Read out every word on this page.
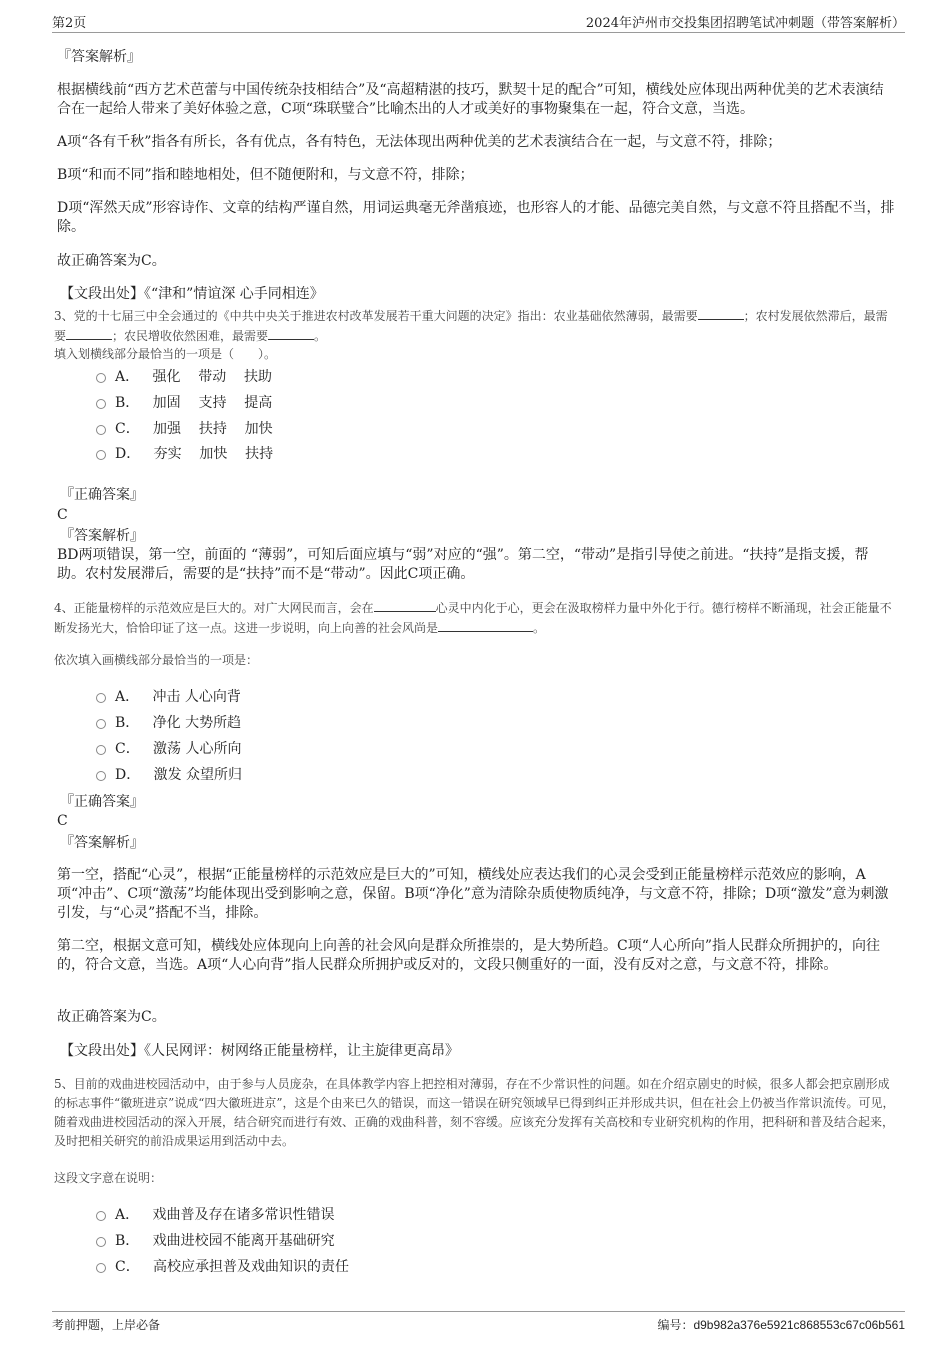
第2页	2024年泸州市交投集团招聘笔试冲刺题（带答案解析）
『答案解析』
根据横线前“西方艺术芭蕾与中国传统杂技相结合”及“高超精湛的技巧，默契十足的配合”可知，横线处应体现出两种优美的艺术表演结合在一起给人带来了美好体验之意，C项“珠联璧合”比喻杰出的人才或美好的事物聚集在一起，符合文意，当选。
A项“各有千秋”指各有所长，各有优点，各有特色，无法体现出两种优美的艺术表演结合在一起，与文意不符，排除；
B项“和而不同”指和睦地相处，但不随便附和，与文意不符，排除；
D项“浑然天成”形容诗作、文章的结构严谨自然，用词运典毫无斧凿痕迹，也形容人的才能、品德完美自然，与文意不符且搭配不当，排除。
故正确答案为C。
【文段出处】《“津和”情谊深 心手同相连》
3、党的十七届三中全会通过的《中共中央关于推进农村改革发展若干重大问题的决定》指出：农业基础依然薄弱，最需要	；农村发展依然滞后，最需要	；农民增收依然困难，最需要	。
填入划横线部分最恰当的一项是（　　）。
A．   强化    带动    扶助
B．   加固    支持    提高
C．   加强    扶持    加快
D．   夯实    加快    扶持
『正确答案』
C
『答案解析』
BD两项错误，第一空，前面的 “薄弱”，可知后面应填与“弱”对应的“强”。第二空，“带动”是指引导使之前进。“扶持”是指支援，帮助。农村发展滞后，需要的是“扶持”而不是“带动”。因此C项正确。
4、正能量榜样的示范效应是巨大的。对广大网民而言，会在	心灵中内化于心，更会在汲取榜样力量中外化于行。德行榜样不断涌现，社会正能量不断发扬光大，恰恰印证了这一点。这进一步说明，向上向善的社会风尚是	。
依次填入画横线部分最恰当的一项是：
A．   冲击 人心向背
B．   净化 大势所趋
C．   激荡 人心所向
D．   激发 众望所归
『正确答案』
C
『答案解析』
第一空，搭配“心灵”，根据“正能量榜样的示范效应是巨大的”可知，横线处应表达我们的心灵会受到正能量榜样示范效应的影响，A项“冲击”、C项“激荡”均能体现出受到影响之意，保留。B项“净化”意为清除杂质使物质纯净，与文意不符，排除；D项“激发”意为刺激引发，与“心灵”搭配不当，排除。
第二空，根据文意可知，横线处应体现向上向善的社会风向是群众所推崇的，是大势所趋。C项“人心所向”指人民群众所拥护的，向往的，符合文意，当选。A项“人心向背”指人民群众所拥护或反对的，文段只侧重好的一面，没有反对之意，与文意不符，排除。
故正确答案为C。
【文段出处】《人民网评：树网络正能量榜样，让主旋律更高昂》
5、目前的戏曲进校园活动中，由于参与人员庞杂，在具体教学内容上把控相对薄弱，存在不少常识性的问题。如在介绍京剧史的时候，很多人都会把京剧形成的标志事件“徽班进京”说成“四大徽班进京”，这是个由来已久的错误，而这一错误在研究领域早已得到纠正并形成共识，但在社会上仍被当作常识流传。可见，随着戏曲进校园活动的深入开展，结合研究而进行有效、正确的戏曲科普，刻不容缓。应该充分发挥有关高校和专业研究机构的作用，把科研和普及结合起来，及时把相关研究的前沿成果运用到活动中去。
这段文字意在说明：
A．   戏曲普及存在诸多常识性错误
B．   戏曲进校园不能离开基础研究
C．   高校应承担普及戏曲知识的责任
考前押题，上岸必备	编号：d9b982a376e5921c868553c67c06b561
